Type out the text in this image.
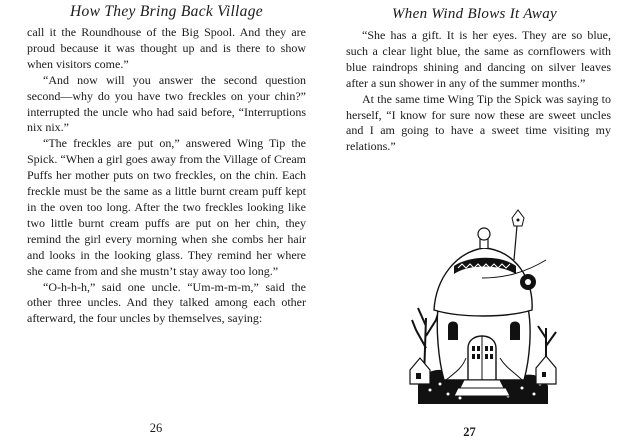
How They Bring Back Village

call it the Roundhouse of the Big Spool. And they are proud because it was thought up and is there to show when visitors come.”

“And now will you answer the second question second—why do you have two freckles on your chin?” interrupted the uncle who had said before, “Interruptions nix nix.”

“The freckles are put on,” answered Wing Tip the Spick. “When a girl goes away from the Village of Cream Puffs her mother puts on two freckles, on the chin. Each freckle must be the same as a little burnt cream puff kept in the oven too long. After the two freckles looking like two little burnt cream puffs are put on her chin, they remind the girl every morning when she combs her hair and looks in the looking glass. They remind her where she came from and she mustn’t stay away too long.”

“O-h-h-h,” said one uncle. “Um-m-m-m,” said the other three uncles. And they talked among each other afterward, the four uncles by themselves, saying:

26
When Wind Blows It Away

“She has a gift. It is her eyes. They are so blue, such a clear light blue, the same as cornflowers with blue raindrops shining and dancing on silver leaves after a sun shower in any of the summer months.”

At the same time Wing Tip the Spick was saying to herself, “I know for sure now these are sweet uncles and I am going to have a sweet time visiting my relations.”

27
